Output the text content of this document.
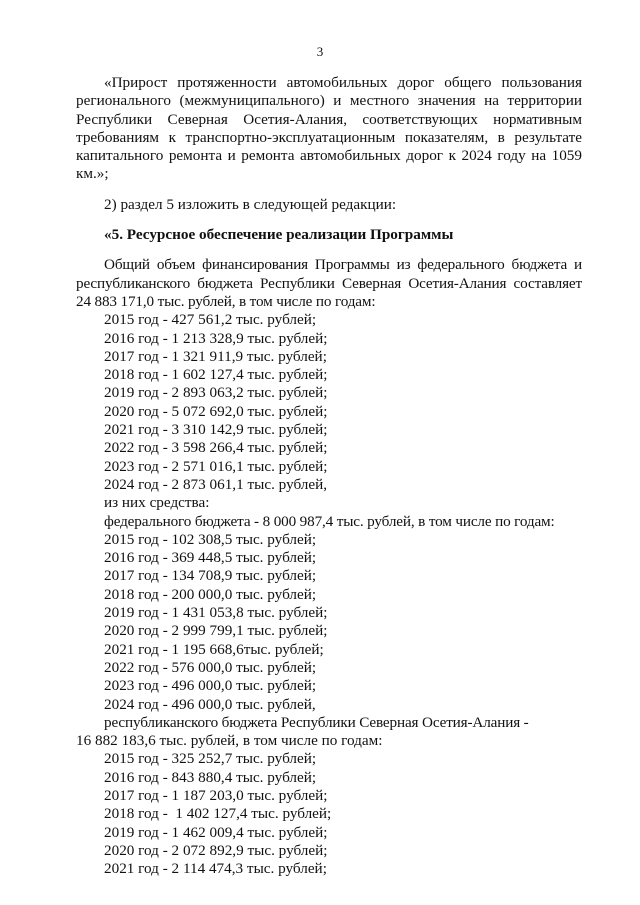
3

«Прирост протяженности автомобильных дорог общего пользования регионального (межмуниципального) и местного значения на территории Республики Северная Осетия-Алания, соответствующих нормативным требованиям к транспортно-эксплуатационным показателям, в результате капитального ремонта и ремонта автомобильных дорог к 2024 году на 1059 км.»;

2) раздел 5 изложить в следующей редакции:

«5. Ресурсное обеспечение реализации Программы

Общий объем финансирования Программы из федерального бюджета и республиканского бюджета Республики Северная Осетия-Алания составляет 24 883 171,0 тыс. рублей, в том числе по годам:

2015 год - 427 561,2 тыс. рублей;

2016 год - 1 213 328,9 тыс. рублей;

2017 год - 1 321 911,9 тыс. рублей;

2018 год - 1 602 127,4 тыс. рублей;

2019 год - 2 893 063,2 тыс. рублей;

2020 год - 5 072 692,0 тыс. рублей;

2021 год - 3 310 142,9 тыс. рублей;

2022 год - 3 598 266,4 тыс. рублей;

2023 год - 2 571 016,1 тыс. рублей;

2024 год - 2 873 061,1 тыс. рублей,

из них средства:

федерального бюджета - 8 000 987,4 тыс. рублей, в том числе по годам:

2015 год - 102 308,5 тыс. рублей;

2016 год - 369 448,5 тыс. рублей;

2017 год - 134 708,9 тыс. рублей;

2018 год - 200 000,0 тыс. рублей;

2019 год - 1 431 053,8 тыс. рублей;

2020 год - 2 999 799,1 тыс. рублей;

2021 год - 1 195 668,6тыс. рублей;

2022 год - 576 000,0 тыс. рублей;

2023 год - 496 000,0 тыс. рублей;

2024 год - 496 000,0 тыс. рублей,

республиканского бюджета Республики Северная Осетия-Алания -

16 882 183,6 тыс. рублей, в том числе по годам:

2015 год - 325 252,7 тыс. рублей;

2016 год - 843 880,4 тыс. рублей;

2017 год - 1 187 203,0 тыс. рублей;

2018 год -  1 402 127,4 тыс. рублей;

2019 год - 1 462 009,4 тыс. рублей;

2020 год - 2 072 892,9 тыс. рублей;

2021 год - 2 114 474,3 тыс. рублей;
